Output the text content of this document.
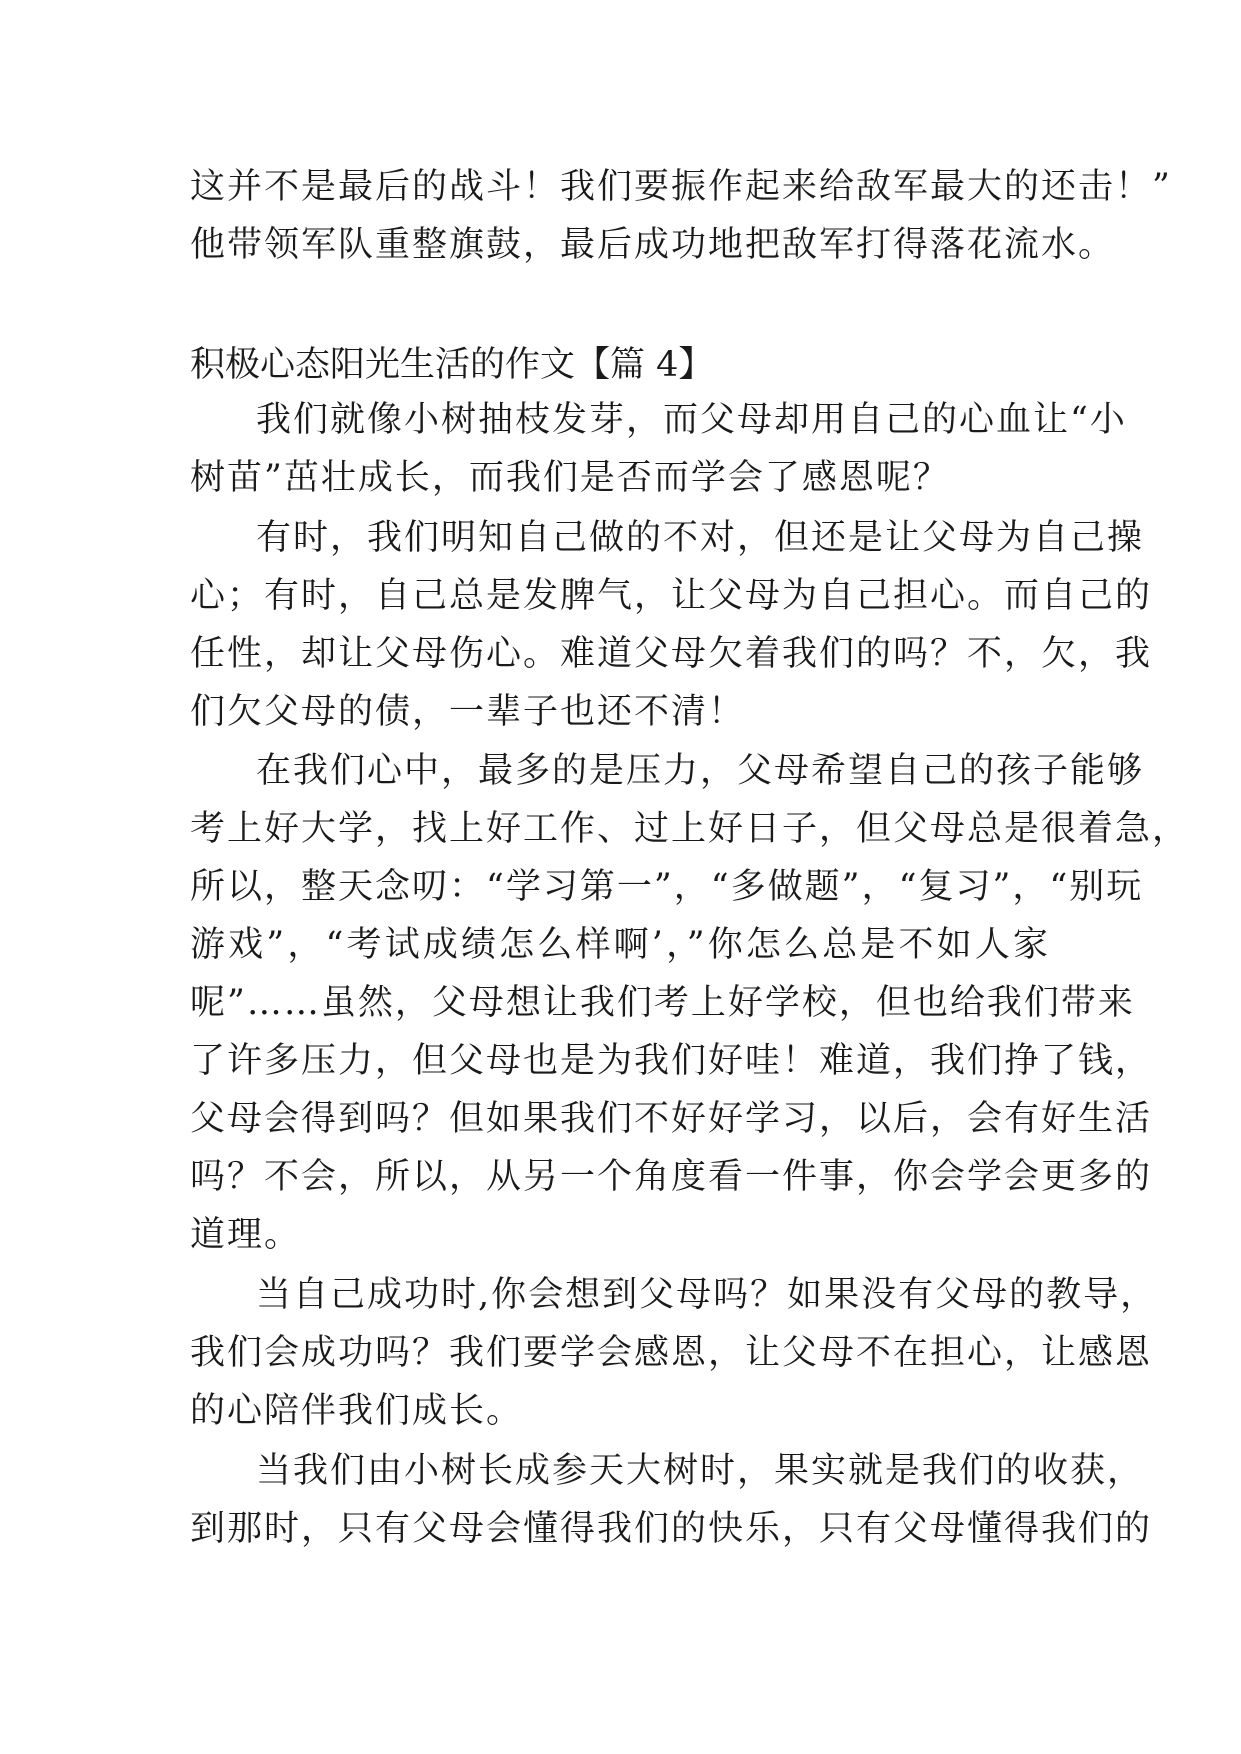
这并不是最后的战斗！我们要振作起来给敌军最大的还击！”
他带领军队重整旗鼓，最后成功地把敌军打得落花流水。
积极心态阳光生活的作文【篇 4】
我们就像小树抽枝发芽，而父母却用自己的心血让“小
树苗”茁壮成长，而我们是否而学会了感恩呢？
有时，我们明知自己做的不对，但还是让父母为自己操
心；有时，自己总是发脾气，让父母为自己担心。而自己的
任性，却让父母伤心。难道父母欠着我们的吗？不，欠，我
们欠父母的债，一辈子也还不清！
在我们心中，最多的是压力，父母希望自己的孩子能够
考上好大学，找上好工作、过上好日子，但父母总是很着急，
所以，整天念叨：“学习第一”，“多做题”，“复习”，“别玩
游戏”，“考试成绩怎么样啊’，”你怎么总是不如人家
呢”……虽然，父母想让我们考上好学校，但也给我们带来
了许多压力，但父母也是为我们好哇！难道，我们挣了钱，
父母会得到吗？但如果我们不好好学习，以后，会有好生活
吗？不会，所以，从另一个角度看一件事，你会学会更多的
道理。
当自己成功时,你会想到父母吗？如果没有父母的教导，
我们会成功吗？我们要学会感恩，让父母不在担心，让感恩
的心陪伴我们成长。
当我们由小树长成参天大树时，果实就是我们的收获，
到那时，只有父母会懂得我们的快乐，只有父母懂得我们的
